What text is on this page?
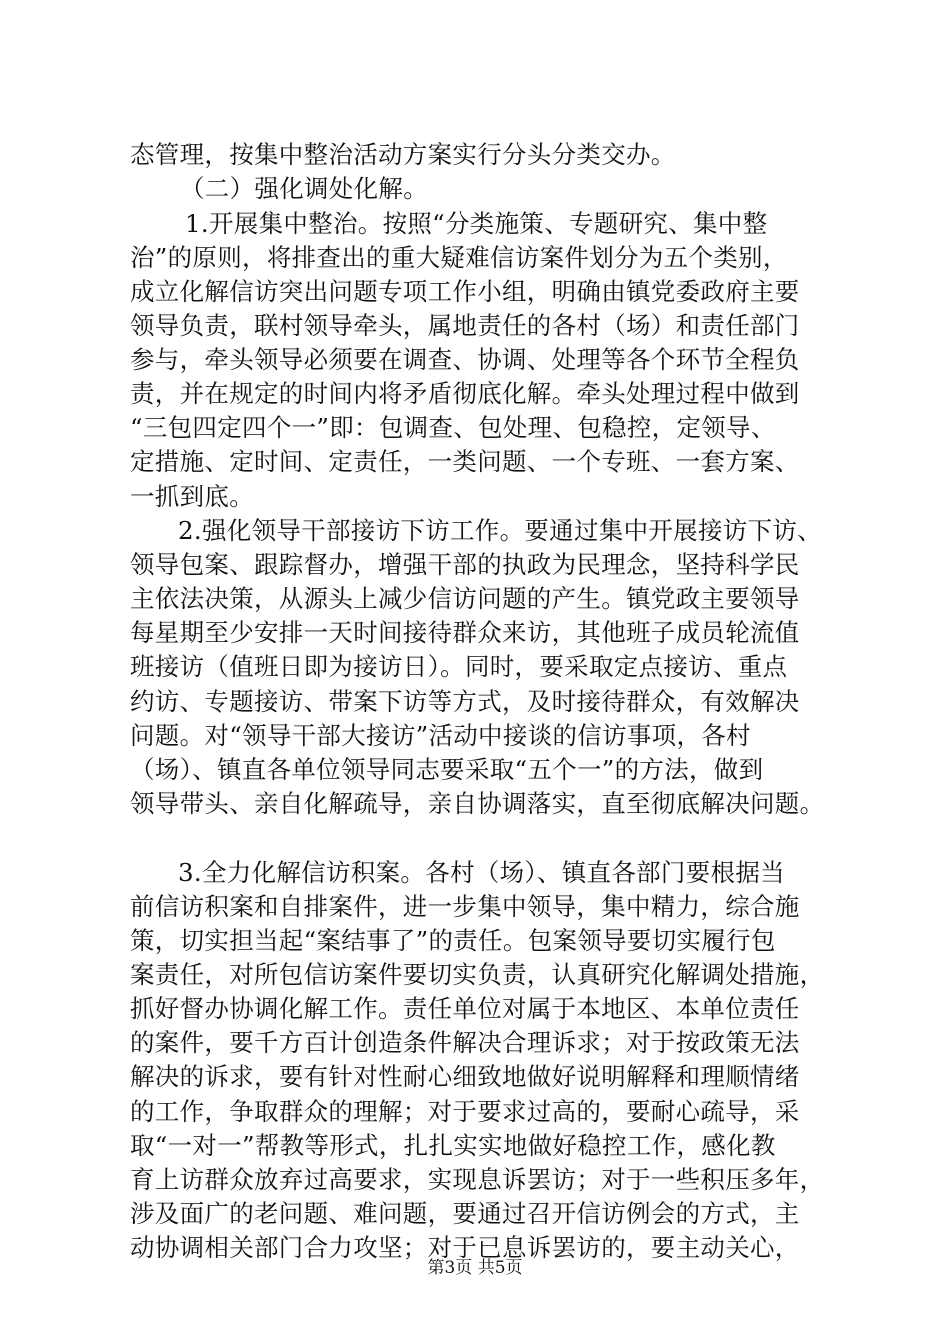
态管理，按集中整治活动方案实行分头分类交办。
（二）强化调处化解。
1.开展集中整治。按照“分类施策、专题研究、集中整
治”的原则，将排查出的重大疑难信访案件划分为五个类别，
成立化解信访突出问题专项工作小组，明确由镇党委政府主要
领导负责，联村领导牵头，属地责任的各村（场）和责任部门
参与，牵头领导必须要在调查、协调、处理等各个环节全程负
责，并在规定的时间内将矛盾彻底化解。牵头处理过程中做到
“三包四定四个一”即：包调查、包处理、包稳控，定领导、
定措施、定时间、定责任，一类问题、一个专班、一套方案、
一抓到底。
2.强化领导干部接访下访工作。要通过集中开展接访下访、
领导包案、跟踪督办，增强干部的执政为民理念，坚持科学民
主依法决策，从源头上减少信访问题的产生。镇党政主要领导
每星期至少安排一天时间接待群众来访，其他班子成员轮流值
班接访（值班日即为接访日）。同时，要采取定点接访、重点
约访、专题接访、带案下访等方式，及时接待群众，有效解决
问题。对“领导干部大接访”活动中接谈的信访事项，各村
（场）、镇直各单位领导同志要采取“五个一”的方法，做到
领导带头、亲自化解疏导，亲自协调落实，直至彻底解决问题。
3.全力化解信访积案。各村（场）、镇直各部门要根据当
前信访积案和自排案件，进一步集中领导，集中精力，综合施
策，切实担当起“案结事了”的责任。包案领导要切实履行包
案责任，对所包信访案件要切实负责，认真研究化解调处措施，
抓好督办协调化解工作。责任单位对属于本地区、本单位责任
的案件，要千方百计创造条件解决合理诉求；对于按政策无法
解决的诉求，要有针对性耐心细致地做好说明解释和理顺情绪
的工作，争取群众的理解；对于要求过高的，要耐心疏导，采
取“一对一”帮教等形式，扎扎实实地做好稳控工作，感化教
育上访群众放弃过高要求，实现息诉罢访；对于一些积压多年，
涉及面广的老问题、难问题，要通过召开信访例会的方式，主
动协调相关部门合力攻坚；对于已息诉罢访的，要主动关心，
第3页 共5页
